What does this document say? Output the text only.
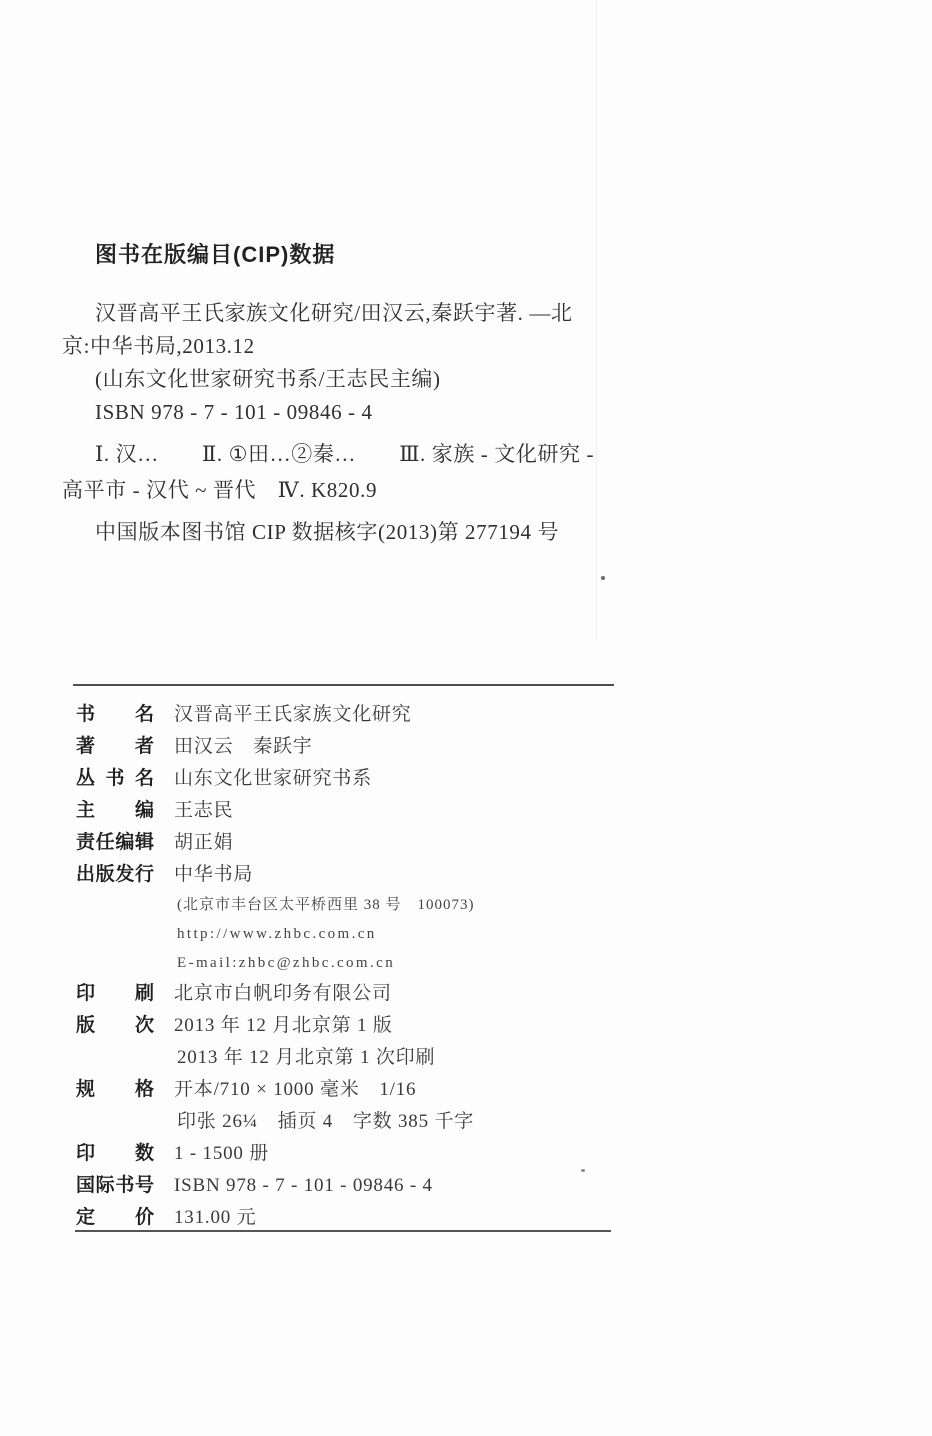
图书在版编目(CIP)数据
汉晋高平王氏家族文化研究/田汉云,秦跃宇著. —北
京:中华书局,2013.12
(山东文化世家研究书系/王志民主编)
ISBN 978 - 7 - 101 - 09846 - 4
Ⅰ. 汉…　　Ⅱ. ①田…②秦…　　Ⅲ. 家族 - 文化研究 -
高平市 - 汉代 ~ 晋代　Ⅳ. K820.9
中国版本图书馆 CIP 数据核字(2013)第 277194 号
书 名 汉晋高平王氏家族文化研究
著 者 田汉云　秦跃宇
丛 书 名 山东文化世家研究书系
主 编 王志民
责 任 编 辑 胡正娟
出 版 发 行 中华书局
(北京市丰台区太平桥西里 38 号　100073)
http://www.zhbc.com.cn
E-mail:zhbc@zhbc.com.cn
印 刷 北京市白帆印务有限公司
版 次 2013 年 12 月北京第 1 版
2013 年 12 月北京第 1 次印刷
规 格 开本/710 × 1000 毫米　1/16
印张 26¼　插页 4　字数 385 千字
印 数 1 - 1500 册
国 际 书 号 ISBN 978 - 7 - 101 - 09846 - 4
定 价 131.00 元
